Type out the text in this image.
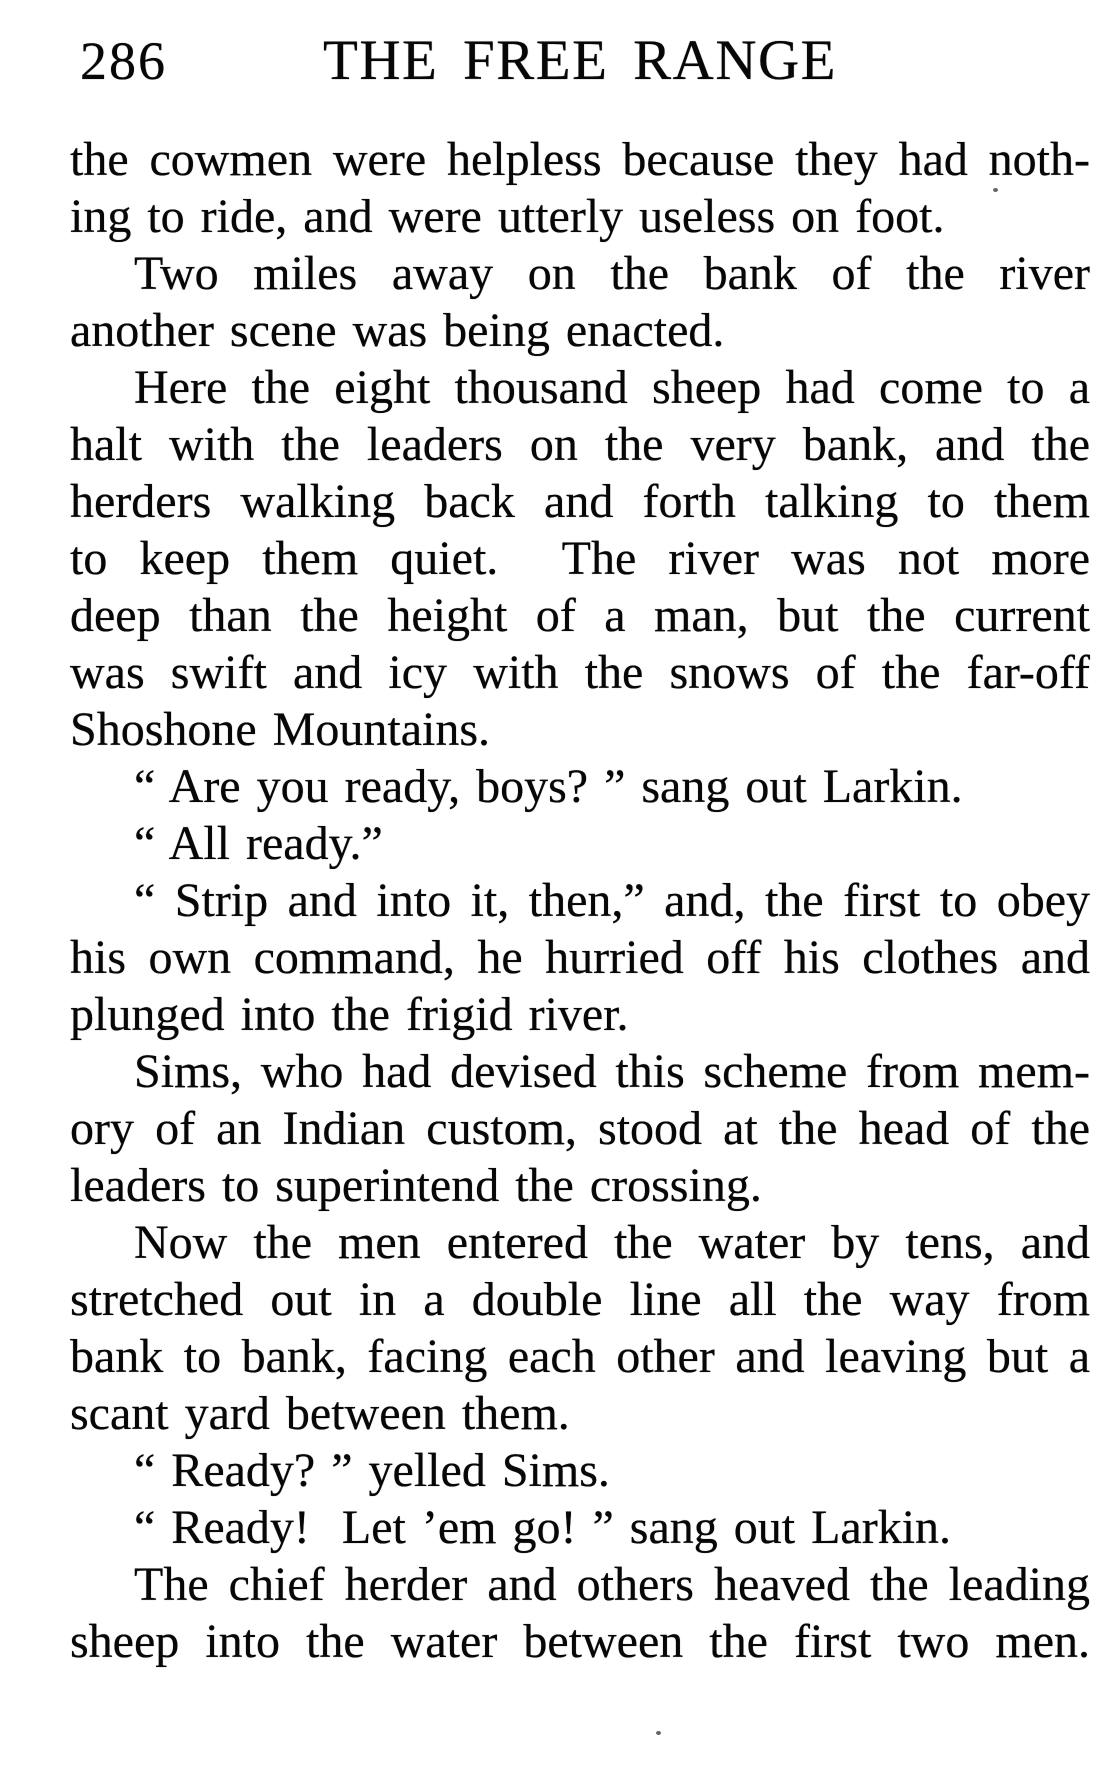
286	THE FREE RANGE
the cowmen were helpless because they had noth-
ing to ride, and were utterly useless on foot.
Two miles away on the bank of the river
another scene was being enacted.
Here the eight thousand sheep had come to a
halt with the leaders on the very bank, and the
herders walking back and forth talking to them
to keep them quiet.  The river was not more
deep than the height of a man, but the current
was swift and icy with the snows of the far-off
Shoshone Mountains.
“ Are you ready, boys? ” sang out Larkin.
“ All ready.”
“ Strip and into it, then,” and, the first to obey
his own command, he hurried off his clothes and
plunged into the frigid river.
Sims, who had devised this scheme from mem-
ory of an Indian custom, stood at the head of the
leaders to superintend the crossing.
Now the men entered the water by tens, and
stretched out in a double line all the way from
bank to bank, facing each other and leaving but a
scant yard between them.
“ Ready? ” yelled Sims.
“ Ready!  Let ’em go! ” sang out Larkin.
The chief herder and others heaved the leading
sheep into the water between the first two men.
